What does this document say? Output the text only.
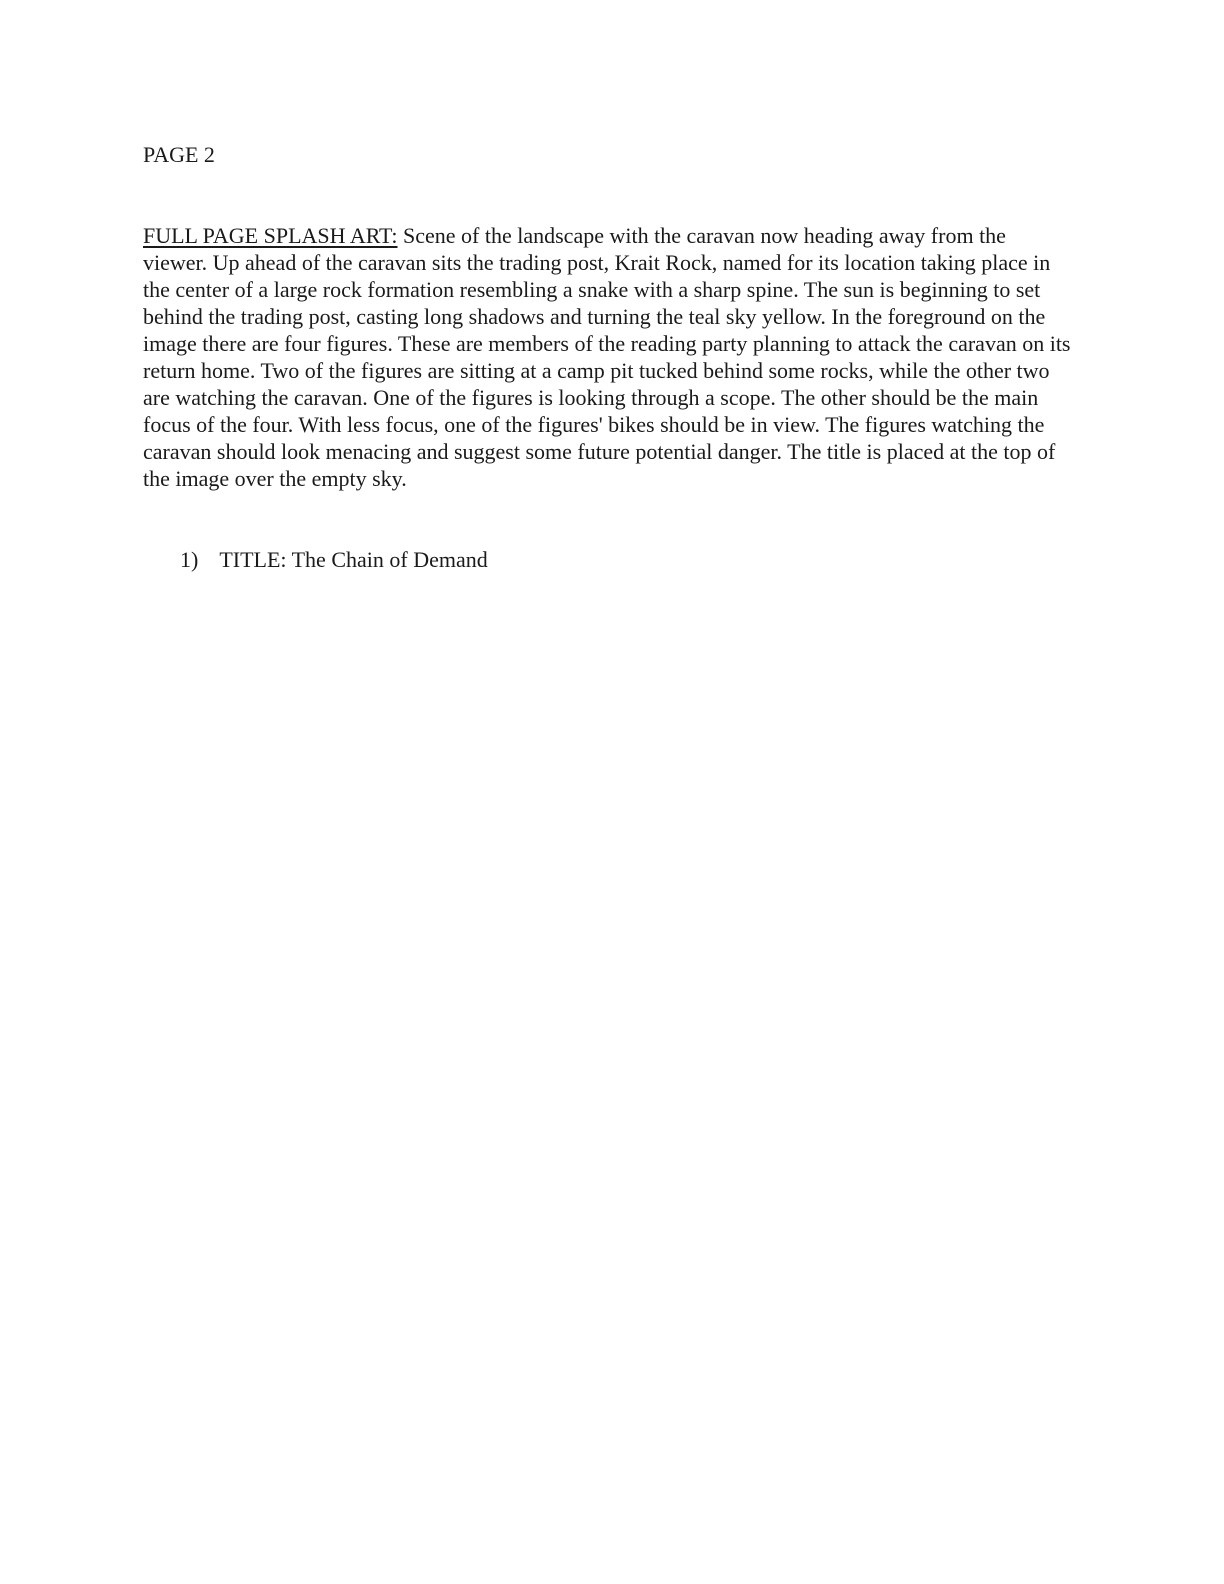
PAGE 2

FULL PAGE SPLASH ART: Scene of the landscape with the caravan now heading away from the viewer. Up ahead of the caravan sits the trading post, Krait Rock, named for its location taking place in the center of a large rock formation resembling a snake with a sharp spine. The sun is beginning to set behind the trading post, casting long shadows and turning the teal sky yellow. In the foreground on the image there are four figures. These are members of the reading party planning to attack the caravan on its return home. Two of the figures are sitting at a camp pit tucked behind some rocks, while the other two are watching the caravan. One of the figures is looking through a scope. The other should be the main focus of the four. With less focus, one of the figures' bikes should be in view. The figures watching the caravan should look menacing and suggest some future potential danger. The title is placed at the top of the image over the empty sky.

1) TITLE: The Chain of Demand
